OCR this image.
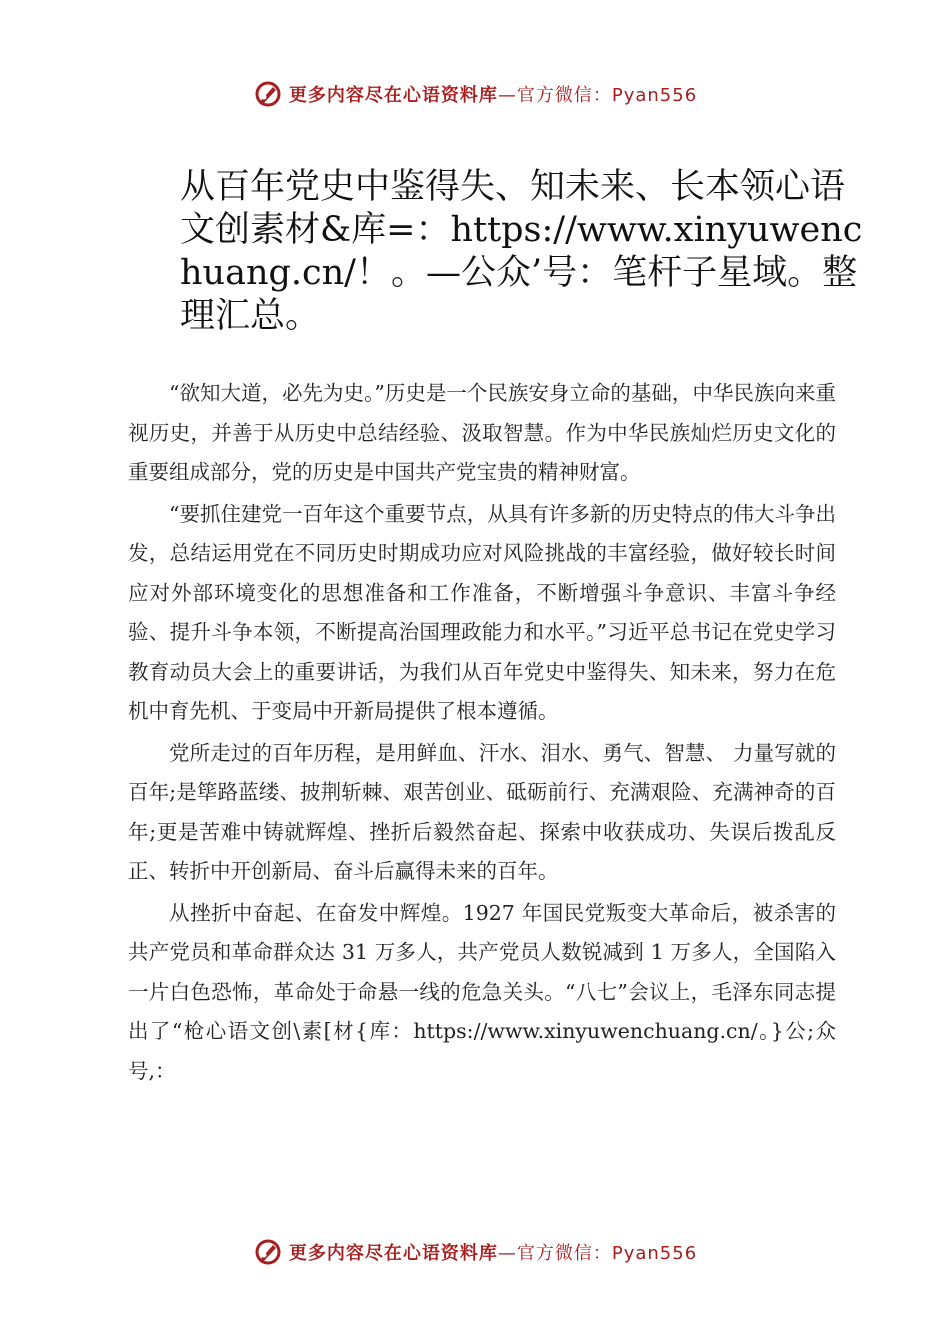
更多内容尽在心语资料库 —官方微信：Pyan556
从百年党史中鉴得失、知未来、长本领心语文创素材&库=：https://www.xinyuwenchuang.cn/！。—公众’号：笔杆子星域。整理汇总。

“欲知大道，必先为史。”历史是一个民族安身立命的基础，中华民族向来重视历史，并善于从历史中总结经验、汲取智慧。作为中华民族灿烂历史文化的重要组成部分，党的历史是中国共产党宝贵的精神财富。

“要抓住建党一百年这个重要节点，从具有许多新的历史特点的伟大斗争出发，总结运用党在不同历史时期成功应对风险挑战的丰富经验，做好较长时间应对外部环境变化的思想准备和工作准备，不断增强斗争意识、丰富斗争经验、提升斗争本领，不断提高治国理政能力和水平。”习近平总书记在党史学习教育动员大会上的重要讲话，为我们从百年党史中鉴得失、知未来，努力在危机中育先机、于变局中开新局提供了根本遵循。

党所走过的百年历程，是用鲜血、汗水、泪水、勇气、智慧、 力量写就的百年;是筚路蓝缕、披荆斩棘、艰苦创业、砥砺前行、充满艰险、充满神奇的百年;更是苦难中铸就辉煌、挫折后毅然奋起、探索中收获成功、失误后拨乱反正、转折中开创新局、奋斗后赢得未来的百年。

从挫折中奋起、在奋发中辉煌。1927 年国民党叛变大革命后，被杀害的共产党员和革命群众达 31 万多人，共产党员人数锐减到 1 万多人，全国陷入一片白色恐怖，革命处于命悬一线的危急关头。“八七”会议上，毛泽东同志提出了“枪心语文创\素[材{库：https://www.xinyuwenchuang.cn/。}公;众号,：

更多内容尽在心语资料库 —官方微信：Pyan556
